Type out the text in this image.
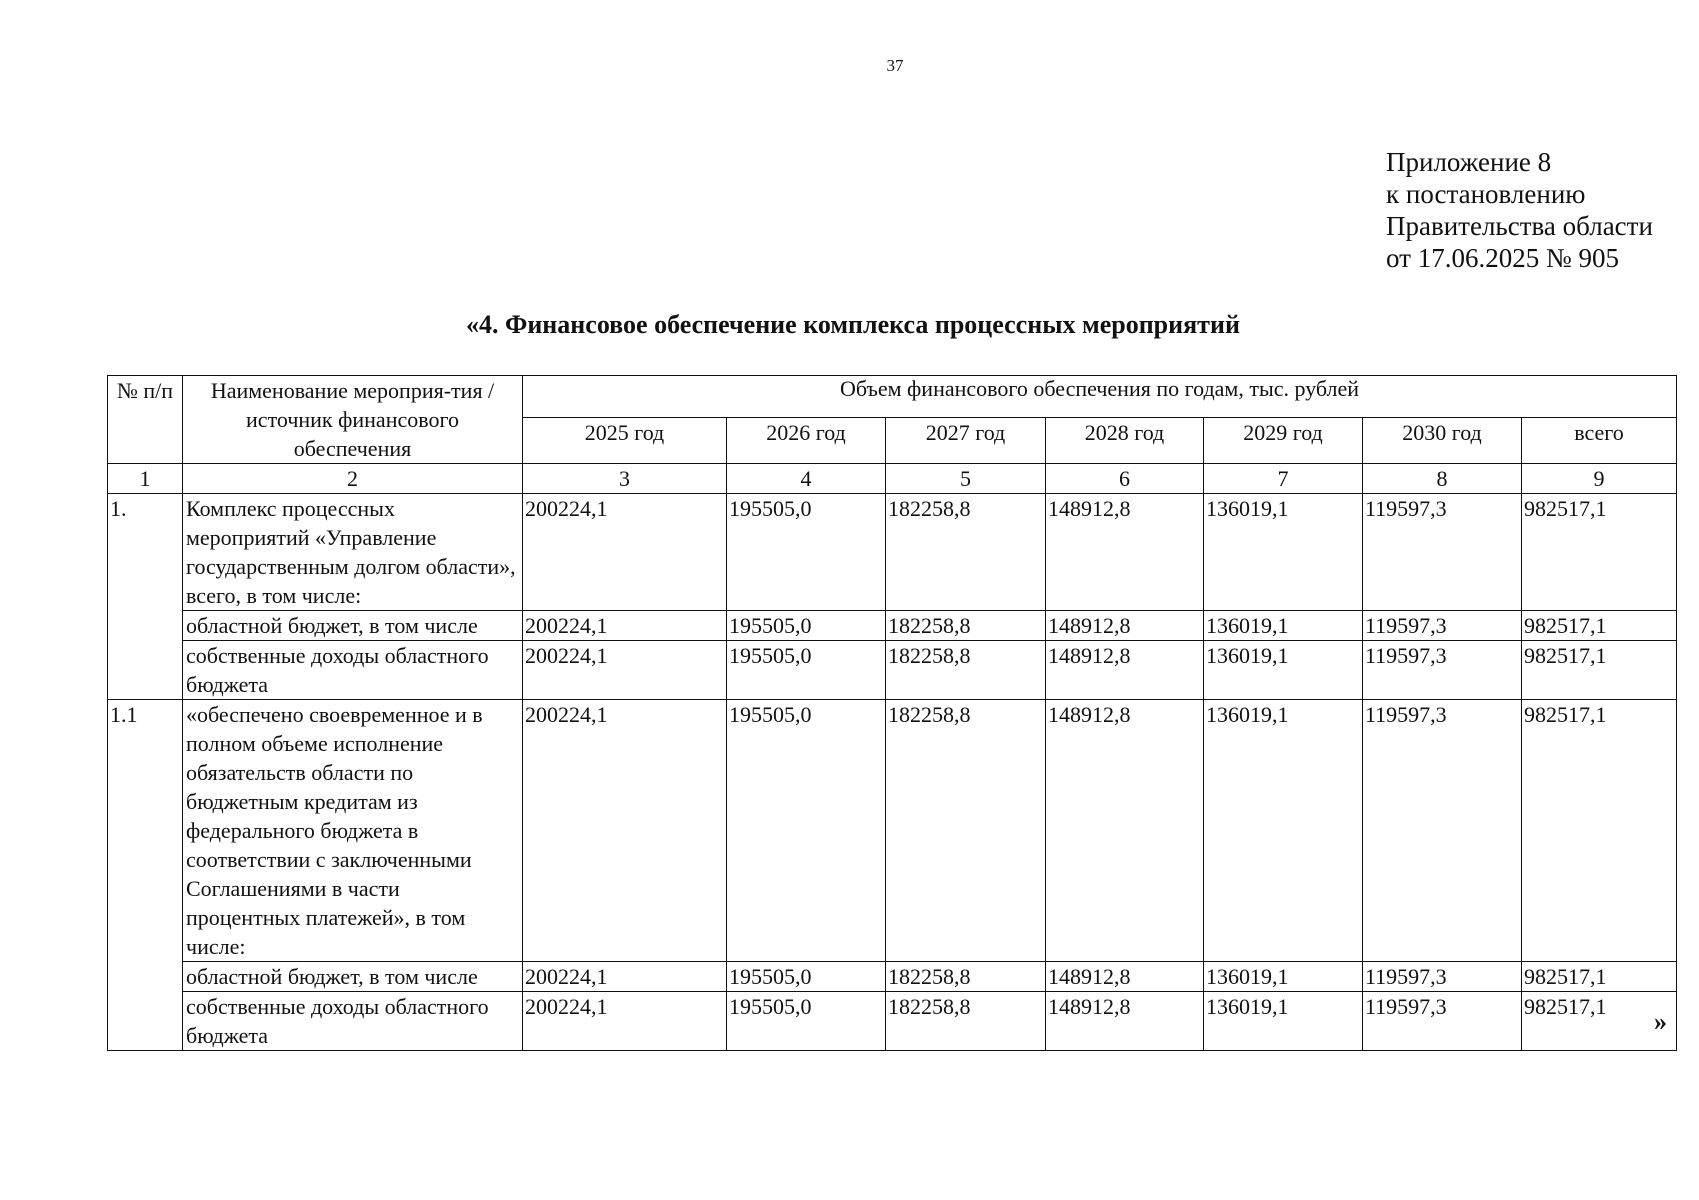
37
Приложение 8
к постановлению
Правительства области
от 17.06.2025 № 905
«4. Финансовое обеспечение комплекса процессных мероприятий
№ п/п	Наименование мероприя-тия / источник финансового обеспечения	Объем финансового обеспечения по годам, тыс. рублей						
		2025 год	2026 год	2027 год	2028 год	2029 год	2030 год	всего
1	2	3	4	5	6	7	8	9
1.	Комплекс процессных мероприятий «Управление государственным долгом области», всего, в том числе:	200224,1	195505,0	182258,8	148912,8	136019,1	119597,3	982517,1
	областной бюджет, в том числе	200224,1	195505,0	182258,8	148912,8	136019,1	119597,3	982517,1
	собственные доходы областного бюджета	200224,1	195505,0	182258,8	148912,8	136019,1	119597,3	982517,1
1.1	«обеспечено своевременное и в полном объеме исполнение обязательств области по бюджетным кредитам из федерального бюджета в соответствии с заключенными Соглашениями в части процентных платежей», в том числе:	200224,1	195505,0	182258,8	148912,8	136019,1	119597,3	982517,1
	областной бюджет, в том числе	200224,1	195505,0	182258,8	148912,8	136019,1	119597,3	982517,1
	собственные доходы областного бюджета	200224,1	195505,0	182258,8	148912,8	136019,1	119597,3	982517,1
»
